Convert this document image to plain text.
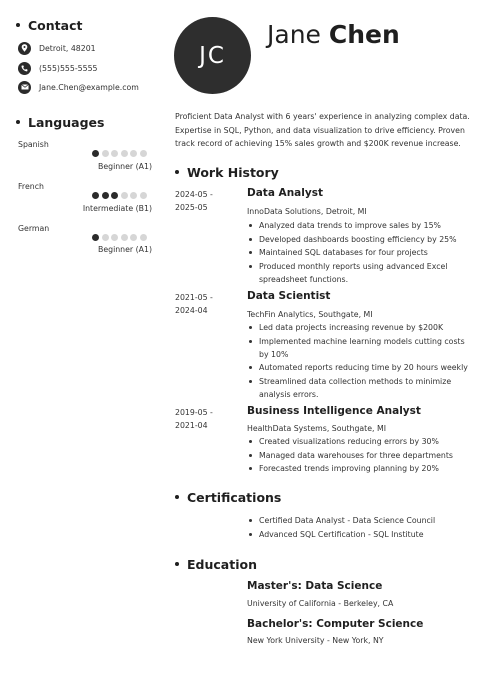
Contact
Detroit, 48201
(555)555-5555
Jane.Chen@example.com
Languages
Spanish
Beginner (A1)
French
Intermediate (B1)
German
Beginner (A1)
JC
Jane Chen
Proficient Data Analyst with 6 years' experience in analyzing complex data. Expertise in SQL, Python, and data visualization to drive efficiency. Proven track record of achieving 15% sales growth and $200K revenue increase.
Work History
2024-05 -
2025-05
Data Analyst
InnoData Solutions, Detroit, MI
Analyzed data trends to improve sales by 15%
Developed dashboards boosting efficiency by 25%
Maintained SQL databases for four projects
Produced monthly reports using advanced Excel spreadsheet functions.
2021-05 -
2024-04
Data Scientist
TechFin Analytics, Southgate, MI
Led data projects increasing revenue by $200K
Implemented machine learning models cutting costs by 10%
Automated reports reducing time by 20 hours weekly
Streamlined data collection methods to minimize analysis errors.
2019-05 -
2021-04
Business Intelligence Analyst
HealthData Systems, Southgate, MI
Created visualizations reducing errors by 30%
Managed data warehouses for three departments
Forecasted trends improving planning by 20%
Certifications
Certified Data Analyst - Data Science Council
Advanced SQL Certification - SQL Institute
Education
Master's: Data Science
University of California - Berkeley, CA
Bachelor's: Computer Science
New York University - New York, NY
